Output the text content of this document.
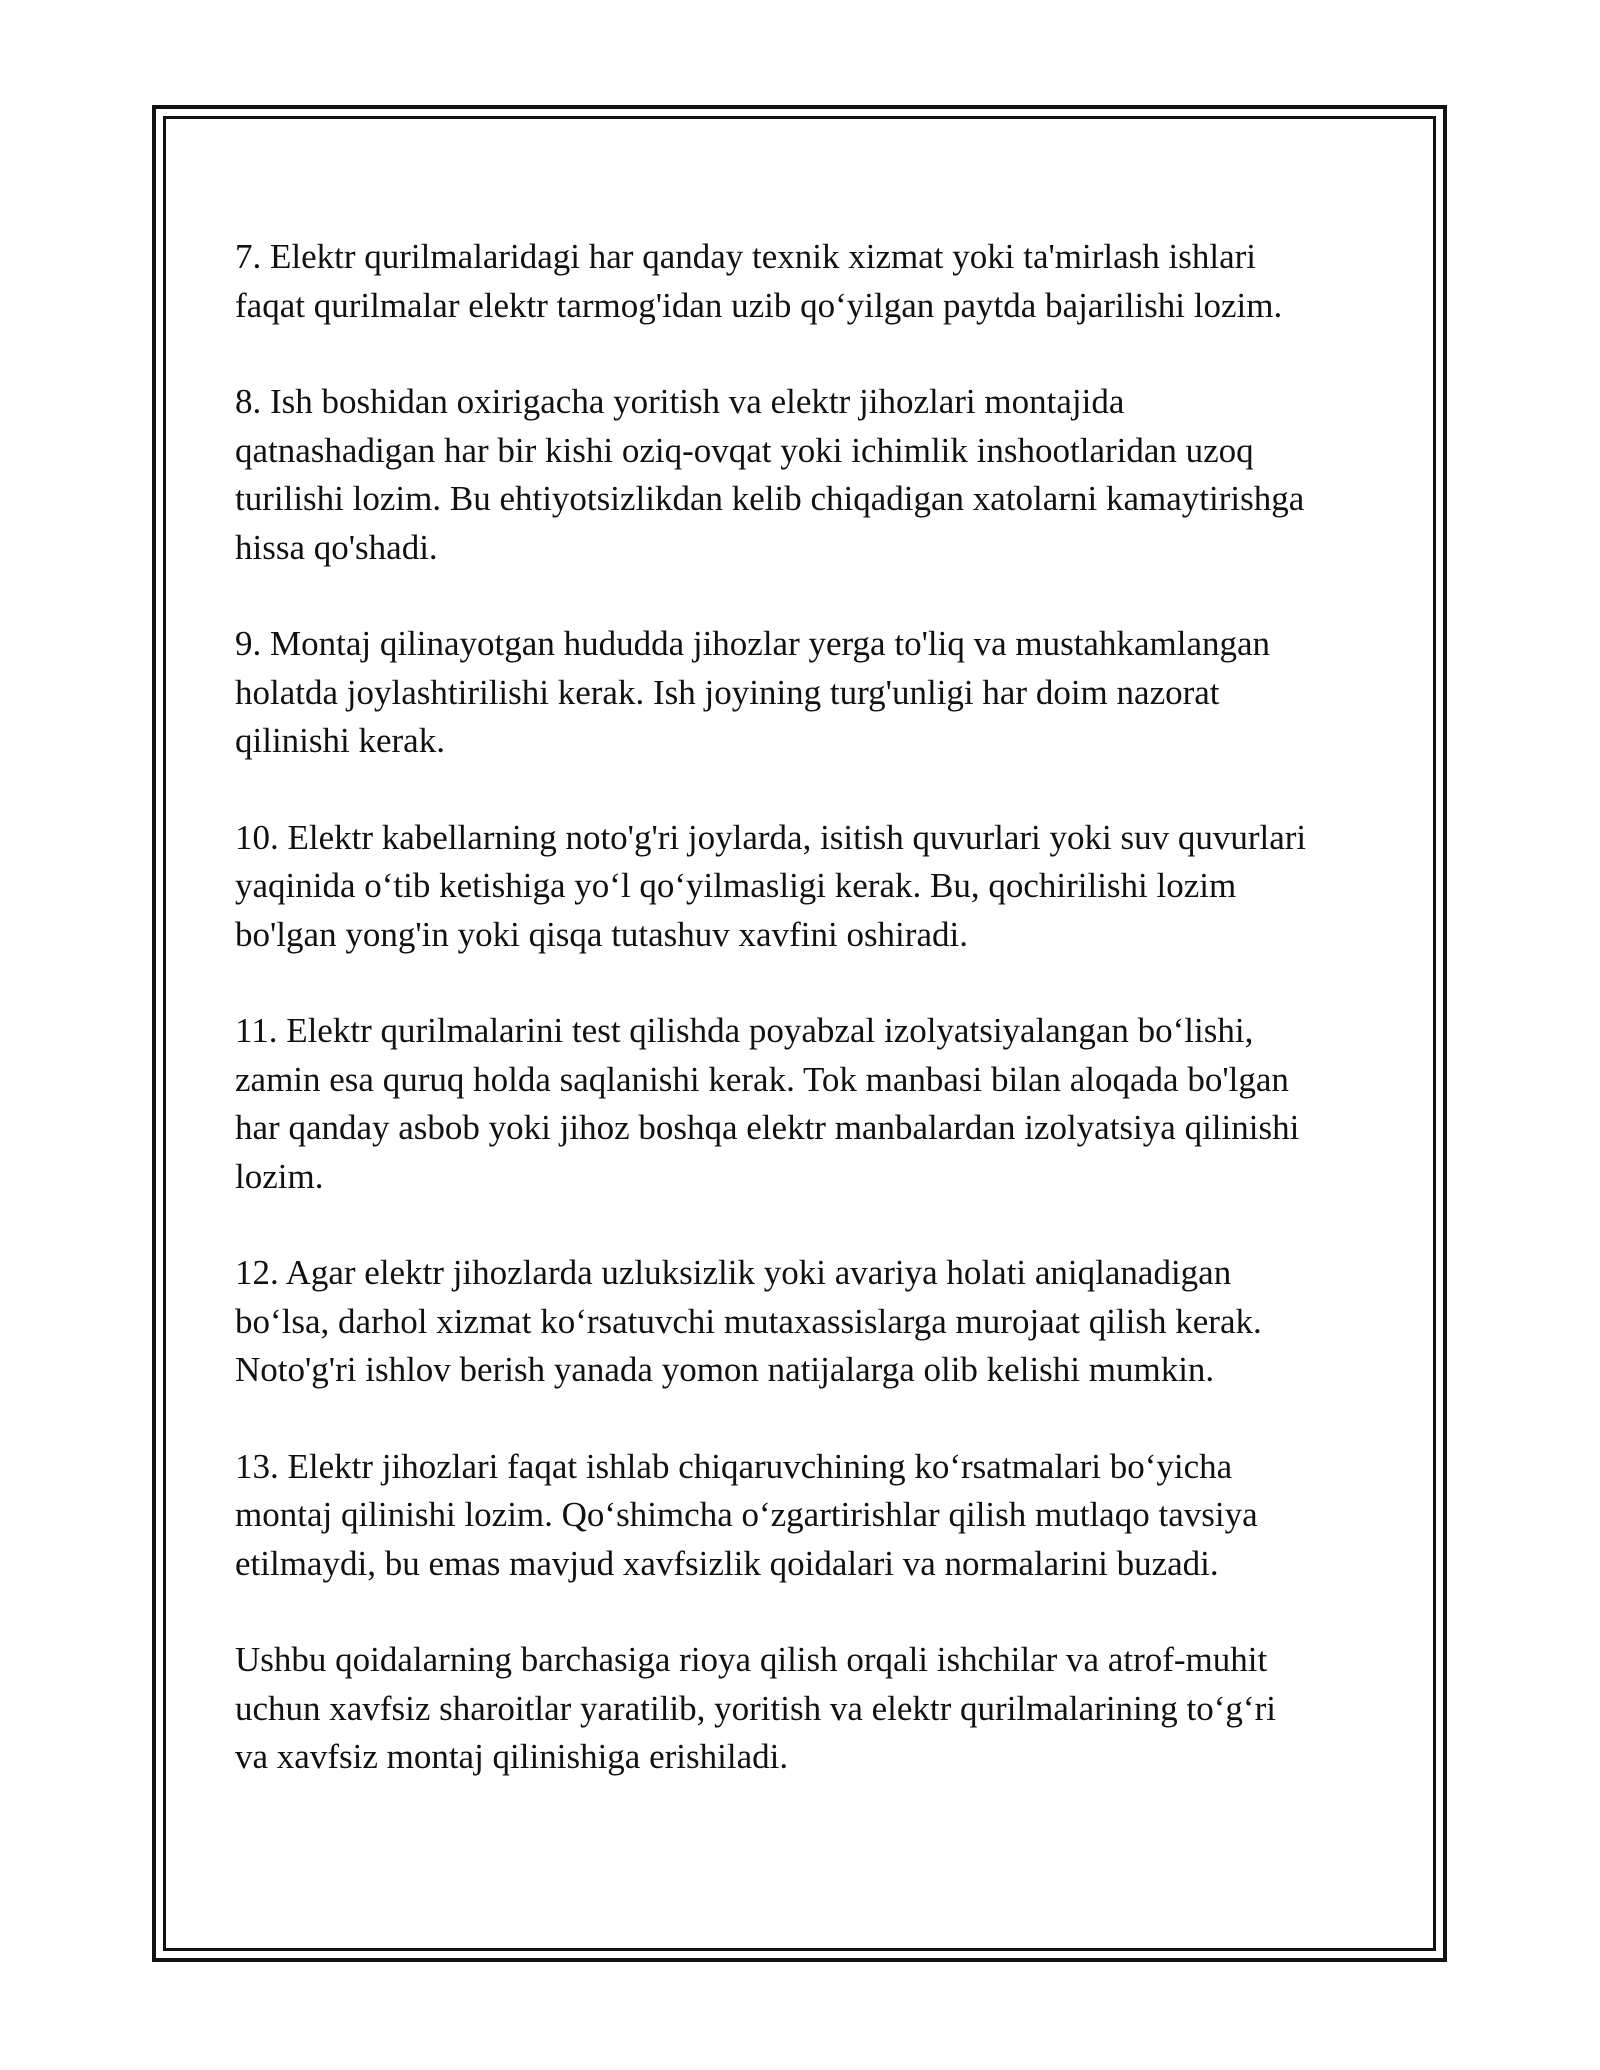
7. Elektr qurilmalaridagi har qanday texnik xizmat yoki ta'mirlash ishlari
faqat qurilmalar elektr tarmog'idan uzib qo‘yilgan paytda bajarilishi lozim.

8. Ish boshidan oxirigacha yoritish va elektr jihozlari montajida
qatnashadigan har bir kishi oziq-ovqat yoki ichimlik inshootlaridan uzoq
turilishi lozim. Bu ehtiyotsizlikdan kelib chiqadigan xatolarni kamaytirishga
hissa qo'shadi.

9. Montaj qilinayotgan hududda jihozlar yerga to'liq va mustahkamlangan
holatda joylashtirilishi kerak. Ish joyining turg'unligi har doim nazorat
qilinishi kerak.

10. Elektr kabellarning noto'g'ri joylarda, isitish quvurlari yoki suv quvurlari
yaqinida o‘tib ketishiga yo‘l qo‘yilmasligi kerak. Bu, qochirilishi lozim
bo'lgan yong'in yoki qisqa tutashuv xavfini oshiradi.

11. Elektr qurilmalarini test qilishda poyabzal izolyatsiyalangan bo‘lishi,
zamin esa quruq holda saqlanishi kerak. Tok manbasi bilan aloqada bo'lgan
har qanday asbob yoki jihoz boshqa elektr manbalardan izolyatsiya qilinishi
lozim.

12. Agar elektr jihozlarda uzluksizlik yoki avariya holati aniqlanadigan
bo‘lsa, darhol xizmat ko‘rsatuvchi mutaxassislarga murojaat qilish kerak.
Noto'g'ri ishlov berish yanada yomon natijalarga olib kelishi mumkin.

13. Elektr jihozlari faqat ishlab chiqaruvchining ko‘rsatmalari bo‘yicha
montaj qilinishi lozim. Qo‘shimcha o‘zgartirishlar qilish mutlaqo tavsiya
etilmaydi, bu emas mavjud xavfsizlik qoidalari va normalarini buzadi.

Ushbu qoidalarning barchasiga rioya qilish orqali ishchilar va atrof-muhit
uchun xavfsiz sharoitlar yaratilib, yoritish va elektr qurilmalarining to‘g‘ri
va xavfsiz montaj qilinishiga erishiladi.
